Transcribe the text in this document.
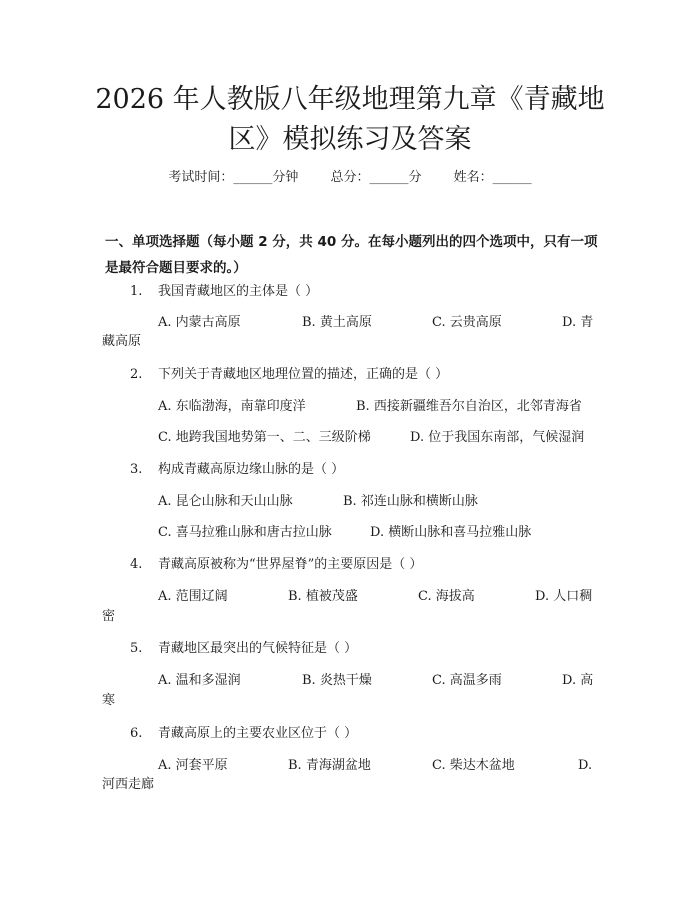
2026 年人教版八年级地理第九章《青藏地
区》模拟练习及答案
考试时间：______分钟 总分：______分 姓名：______
一、单项选择题（每小题 2 分，共 40 分。在每小题列出的四个选项中，只有一项
是最符合题目要求的。）
1. 我国青藏地区的主体是（ ）
A. 内蒙古高原	B. 黄土高原	C. 云贵高原	D. 青
藏高原
2. 下列关于青藏地区地理位置的描述，正确的是（ ）
A. 东临渤海，南靠印度洋	B. 西接新疆维吾尔自治区，北邻青海省
C. 地跨我国地势第一、二、三级阶梯	D. 位于我国东南部，气候湿润
3. 构成青藏高原边缘山脉的是（ ）
A. 昆仑山脉和天山山脉	B. 祁连山脉和横断山脉
C. 喜马拉雅山脉和唐古拉山脉	D. 横断山脉和喜马拉雅山脉
4. 青藏高原被称为“世界屋脊”的主要原因是（ ）
A. 范围辽阔	B. 植被茂盛	C. 海拔高	D. 人口稠
密
5. 青藏地区最突出的气候特征是（ ）
A. 温和多湿润	B. 炎热干燥	C. 高温多雨	D. 高
寒
6. 青藏高原上的主要农业区位于（ ）
A. 河套平原	B. 青海湖盆地	C. 柴达木盆地	D.
河西走廊
